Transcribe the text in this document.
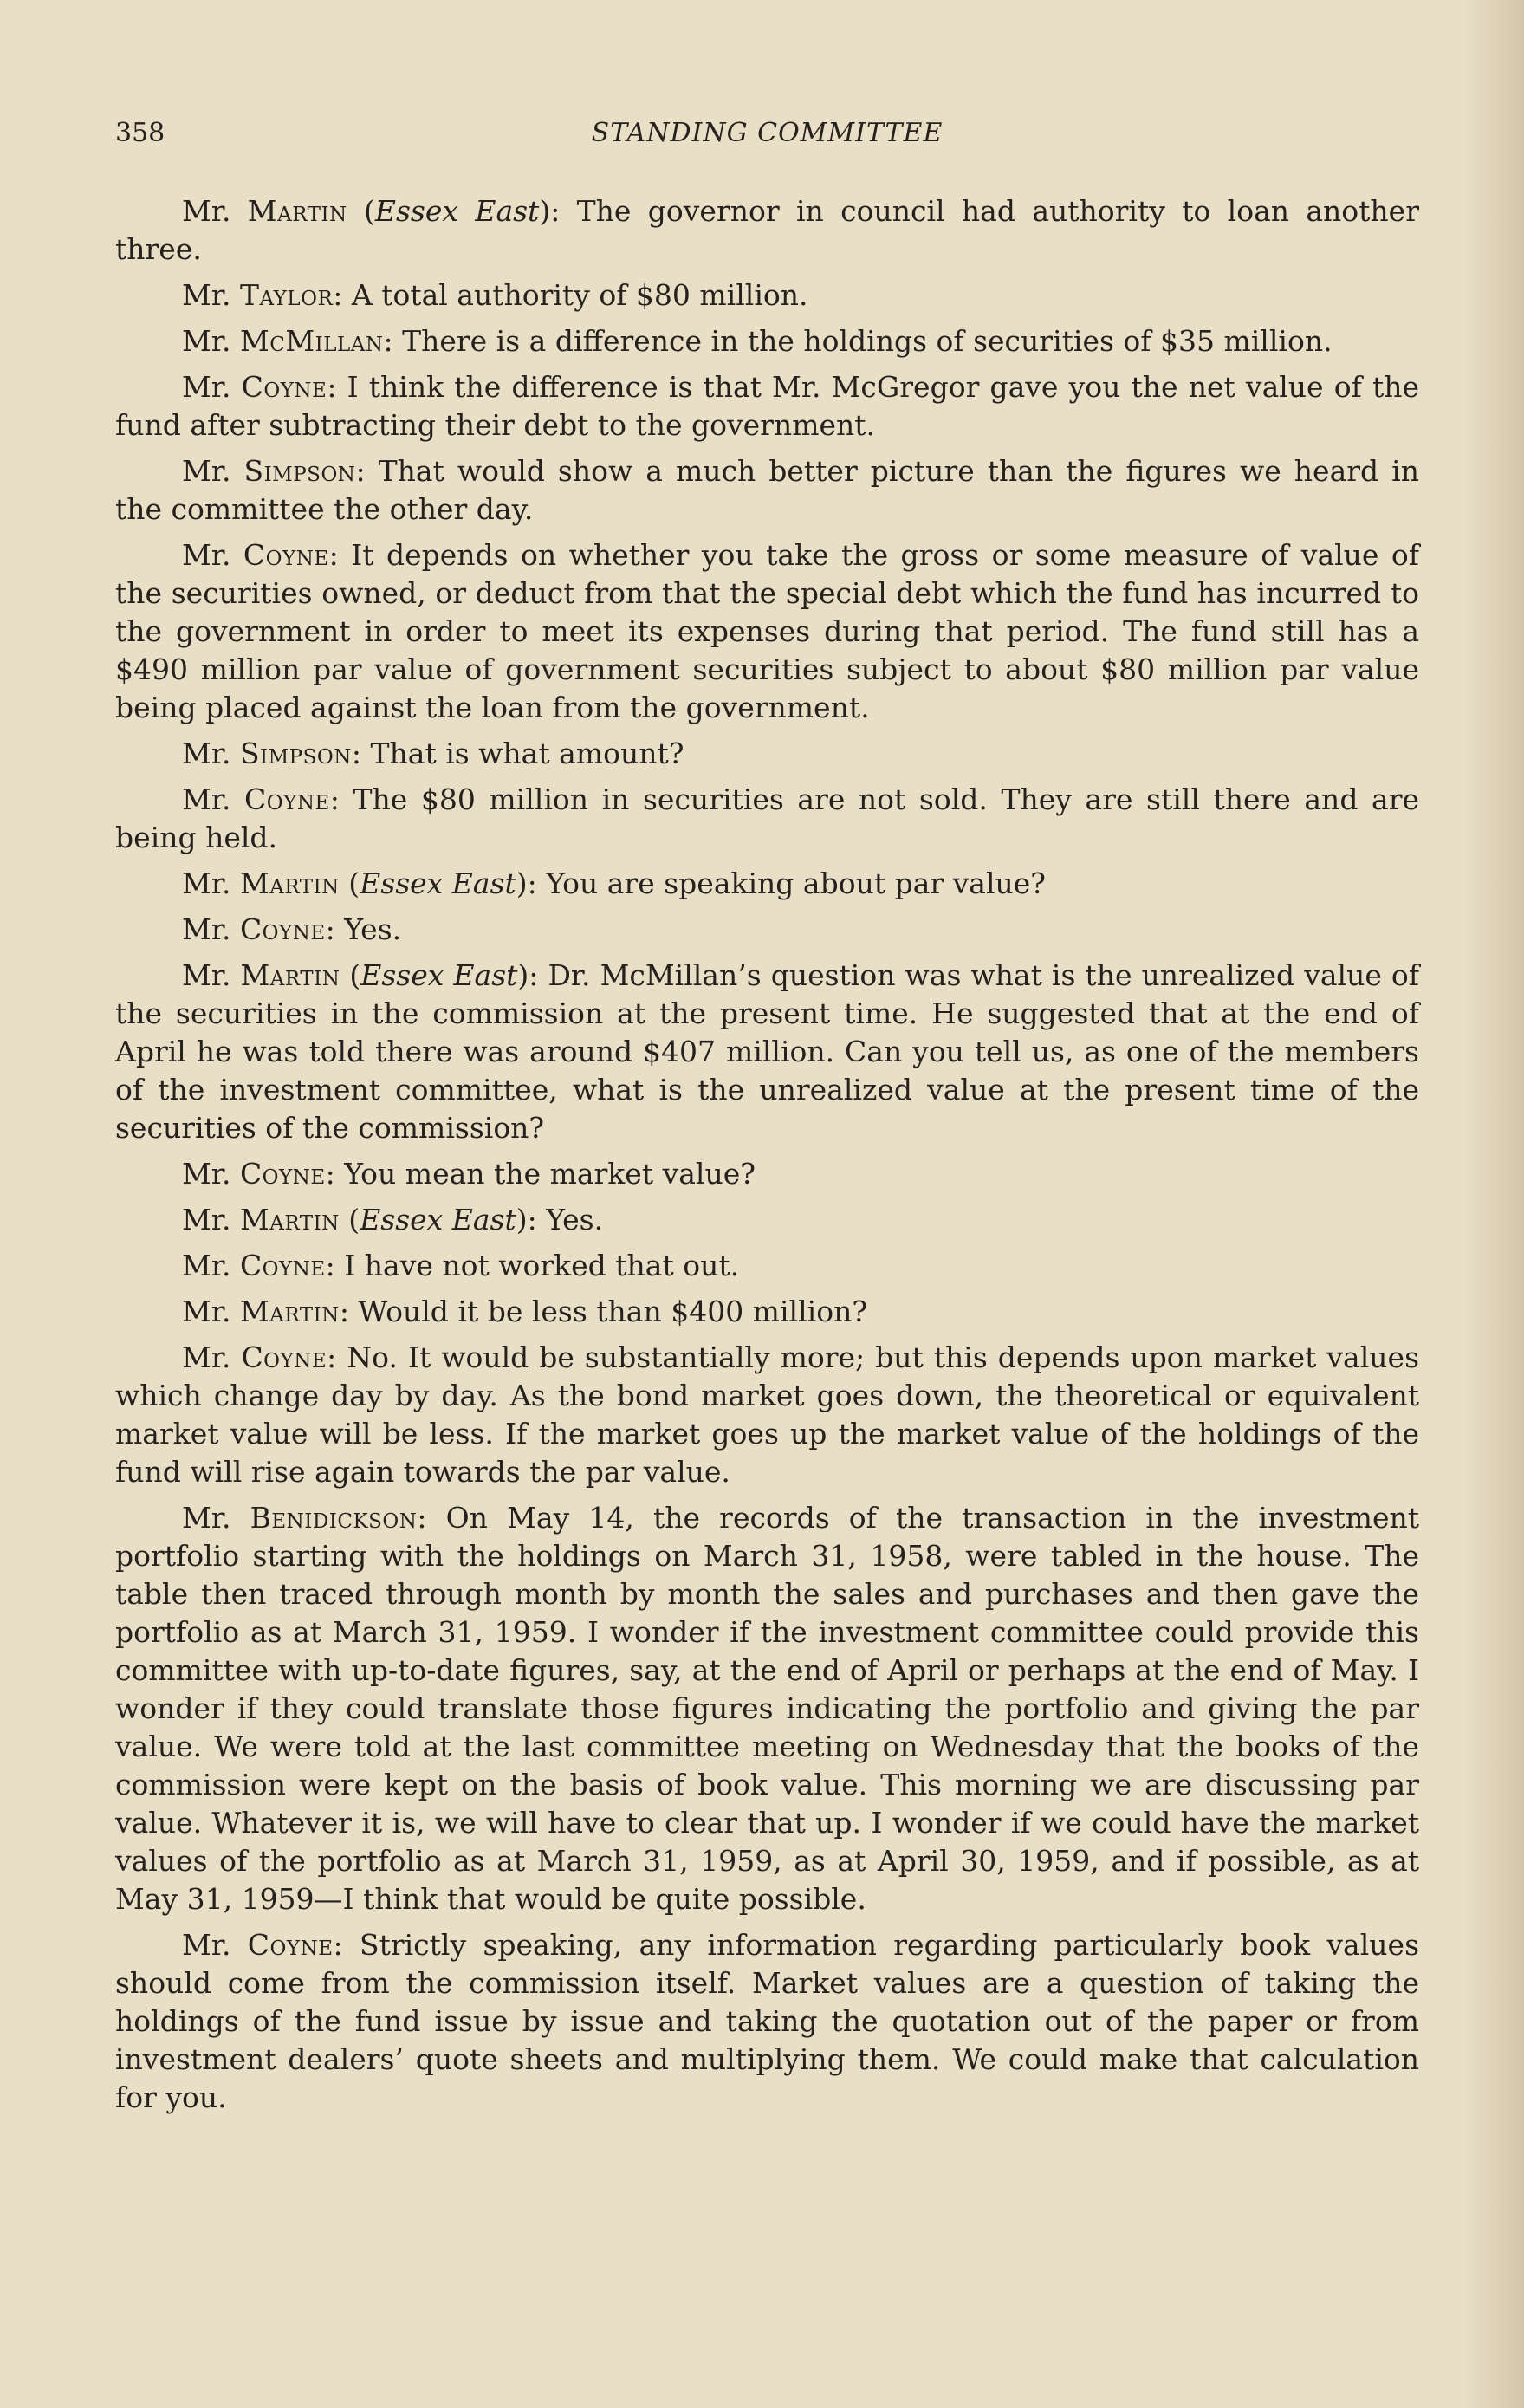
358	STANDING COMMITTEE

Mr. Martin (Essex East): The governor in council had authority to loan another three.

Mr. Taylor: A total authority of $80 million.

Mr. McMillan: There is a difference in the holdings of securities of $35 million.

Mr. Coyne: I think the difference is that Mr. McGregor gave you the net value of the fund after subtracting their debt to the government.

Mr. Simpson: That would show a much better picture than the figures we heard in the committee the other day.

Mr. Coyne: It depends on whether you take the gross or some measure of value of the securities owned, or deduct from that the special debt which the fund has incurred to the government in order to meet its expenses during that period. The fund still has a $490 million par value of government securities subject to about $80 million par value being placed against the loan from the government.

Mr. Simpson: That is what amount?

Mr. Coyne: The $80 million in securities are not sold. They are still there and are being held.

Mr. Martin (Essex East): You are speaking about par value?

Mr. Coyne: Yes.

Mr. Martin (Essex East): Dr. McMillan’s question was what is the unrealized value of the securities in the commission at the present time. He suggested that at the end of April he was told there was around $407 million. Can you tell us, as one of the members of the investment committee, what is the unrealized value at the present time of the securities of the commission?

Mr. Coyne: You mean the market value?

Mr. Martin (Essex East): Yes.

Mr. Coyne: I have not worked that out.

Mr. Martin: Would it be less than $400 million?

Mr. Coyne: No. It would be substantially more; but this depends upon market values which change day by day. As the bond market goes down, the theoretical or equivalent market value will be less. If the market goes up the market value of the holdings of the fund will rise again towards the par value.

Mr. Benidickson: On May 14, the records of the transaction in the investment portfolio starting with the holdings on March 31, 1958, were tabled in the house. The table then traced through month by month the sales and purchases and then gave the portfolio as at March 31, 1959. I wonder if the investment committee could provide this committee with up-to-date figures, say, at the end of April or perhaps at the end of May. I wonder if they could translate those figures indicating the portfolio and giving the par value. We were told at the last committee meeting on Wednesday that the books of the commission were kept on the basis of book value. This morning we are discussing par value. Whatever it is, we will have to clear that up. I wonder if we could have the market values of the portfolio as at March 31, 1959, as at April 30, 1959, and if possible, as at May 31, 1959—I think that would be quite possible.

Mr. Coyne: Strictly speaking, any information regarding particularly book values should come from the commission itself. Market values are a question of taking the holdings of the fund issue by issue and taking the quotation out of the paper or from investment dealers’ quote sheets and multiplying them. We could make that calculation for you.
